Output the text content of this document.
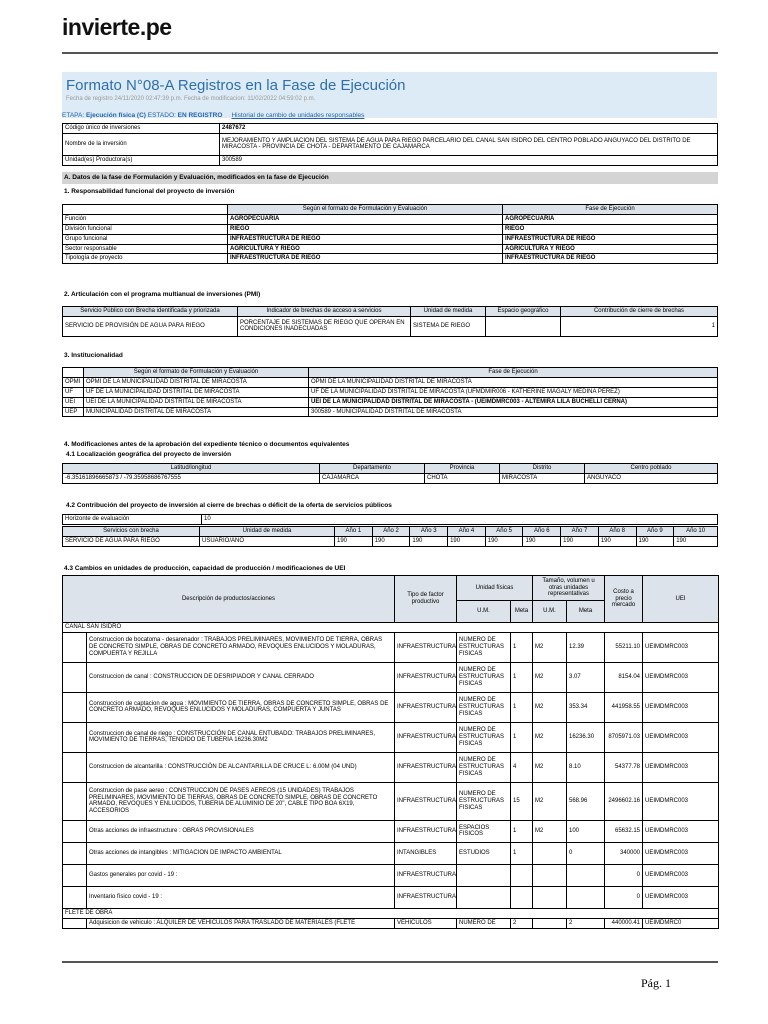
invierte.pe
Formato N°08-A Registros en la Fase de Ejecución
Fecha de registro 24/11/2020 02:47:39 p.m. Fecha de modificacion: 11/02/2022 04:59:02 p.m.
ETAPA: Ejecución física (C) ESTADO: EN REGISTRO Historial de cambio de unidades responsables
Código único de inversiones	2487672
Nombre de la inversión	MEJORAMIENTO Y AMPLIACION DEL SISTEMA DE AGUA PARA RIEGO PARCELARIO DEL CANAL SAN ISIDRO DEL CENTRO POBLADO ANGUYACO DEL DISTRITO DE MIRACOSTA - PROVINCIA DE CHOTA - DEPARTAMENTO DE CAJAMARCA
Unidad(es) Productora(s)	300589
A. Datos de la fase de Formulación y Evaluación, modificados en la fase de Ejecución
1. Responsabilidad funcional del proyecto de inversión
	Según el formato de Formulación y Evaluación	Fase de Ejecución
Función	AGROPECUARIA	AGROPECUARIA
División funcional	RIEGO	RIEGO
Grupo funcional	INFRAESTRUCTURA DE RIEGO	INFRAESTRUCTURA DE RIEGO
Sector responsable	AGRICULTURA Y RIEGO	AGRICULTURA Y RIEGO
Tipología de proyecto	INFRAESTRUCTURA DE RIEGO	INFRAESTRUCTURA DE RIEGO
2. Articulación con el programa multianual de inversiones (PMI)
Servicio Público con Brecha identificada y priorizada	Indicador de brechas de acceso a servicios	Unidad de medida	Espacio geográfico	Contribución de cierre de brechas
SERVICIO DE PROVISIÓN DE AGUA PARA RIEGO	PORCENTAJE DE SISTEMAS DE RIEGO QUE OPERAN EN CONDICIONES INADECUADAS	SISTEMA DE RIEGO		1
3. Institucionalidad
	Según el formato de Formulación y Evaluación	Fase de Ejecución
OPMI	OPMI DE LA MUNICIPALIDAD DISTRITAL DE MIRACOSTA	OPMI DE LA MUNICIPALIDAD DISTRITAL DE MIRACOSTA
UF	UF DE LA MUNICIPALIDAD DISTRITAL DE MIRACOSTA	UF DE LA MUNICIPALIDAD DISTRITAL DE MIRACOSTA (UFMDMIR006 - KATHERINE MAGALY MEDINA PEREZ)
UEI	UEI DE LA MUNICIPALIDAD DISTRITAL DE MIRACOSTA	UEI DE LA MUNICIPALIDAD DISTRITAL DE MIRACOSTA - (UEIMDMRC003 - ALTEMIRA LILA BUCHELLI CERNA)
UEP	MUNICIPALIDAD DISTRITAL DE MIRACOSTA	300589 - MUNICIPALIDAD DISTRITAL DE MIRACOSTA
4. Modificaciones antes de la aprobación del expediente técnico o documentos equivalentes
4.1 Localización geográfica del proyecto de inversión
Latitud/longitud	Departamento	Provincia	Distrito	Centro poblado
-6.35161896665873 / -79.35958686767555	CAJAMARCA	CHOTA	MIRACOSTA	ANGUYACO
4.2 Contribución del proyecto de inversión al cierre de brechas o déficit de la oferta de servicios públicos
Horizonte de evaluación	10
Servicios con brecha	Unidad de medida	Año 1	Año 2	Año 3	Año 4	Año 5	Año 6	Año 7	Año 8	Año 9	Año 10
SERVICIO DE AGUA PARA RIEGO	USUARIO/AÑO	190	190	190	190	190	190	190	190	190	190
4.3 Cambios en unidades de producción, capacidad de producción / modificaciones de UEI
Descripción de productos/acciones		Tipo de factor productivo	Unidad físicas		Tamaño, volumen u otras unidades representativas		Costo a precio mercado	UEI
			U.M.	Meta	U.M.	Meta		
CANAL SAN ISIDRO								
	Construccion de bocatoma - desarenador : TRABAJOS PRELIMINARES, MOVIMIENTO DE TIERRA, OBRAS DE CONCRETO SIMPLE, OBRAS DE CONCRETO ARMADO, REVOQUES ENLUCIDOS Y MOLADURAS, COMPUERTA Y REJILLA	INFRAESTRUCTURA	NUMERO DE ESTRUCTURAS FISICAS	1	M2	12.39	55211.10	UEIMDMRC003
	Construccion de canal : CONSTRUCCION DE DESRIPIADOR Y CANAL CERRADO	INFRAESTRUCTURA	NUMERO DE ESTRUCTURAS FISICAS	1	M2	3.07	8154.04	UEIMDMRC003
	Construccion de captacion de agua : MOVIMIENTO DE TIERRA, OBRAS DE CONCRETO SIMPLE, OBRAS DE CONCRETO ARMADO, REVOQUES ENLUCIDOS Y MOLADURAS, COMPUERTA Y JUNTAS	INFRAESTRUCTURA	NUMERO DE ESTRUCTURAS FISICAS	1	M2	353.34	441958.55	UEIMDMRC003
	Construccion de canal de riego : CONSTRUCCIÓN DE CANAL ENTUBADO: TRABAJOS PRELIMINARES, MOVIMIENTO DE TIERRAS, TENDIDO DE TUBERIA 16236.30M2	INFRAESTRUCTURA	NUMERO DE ESTRUCTURAS FISICAS	1	M2	16236.30	8705971.03	UEIMDMRC003
	Construccion de alcantarilla : CONSTRUCCIÓN DE ALCANTARILLA DE CRUCE L: 6.00M (04 UND)	INFRAESTRUCTURA	NUMERO DE ESTRUCTURAS FISICAS	4	M2	8.10	54377.78	UEIMDMRC003
	Construccion de pase aereo : CONSTRUCCION DE PASES AEREOS (15 UNIDADES) TRABAJOS PRELIMINARES, MOVIMIENTO DE TIERRAS, OBRAS DE CONCRETO SIMPLE, OBRAS DE CONCRETO ARMADO, REVOQUES Y ENLUCIDOS, TUBERIA DE ALUMINIO DE 20", CABLE TIPO BOA 6X19, ACCESORIOS	INFRAESTRUCTURA	NUMERO DE ESTRUCTURAS FISICAS	15	M2	568.96	2496602.16	UEIMDMRC003
	Otras acciones de infraestructure : OBRAS PROVISIONALES	INFRAESTRUCTURA	ESPACIOS FISICOS	1	M2	100	65632.15	UEIMDMRC003
	Otras acciones de intangibles : MITIGACION DE IMPACTO AMBIENTAL	INTANGIBLES	ESTUDIOS	1		0	340000	UEIMDMRC003
	Gastos generales por covid - 19 :	INFRAESTRUCTURA					0	UEIMDMRC003
	Inventario físico covid - 19 :	INFRAESTRUCTURA					0	UEIMDMRC003
FLETE DE OBRA								
	Adquisicion de vehiculo : ALQUILER DE VEHICULOS PARA TRASLADO DE MATERIALES (FLETE	VEHICULOS	NUMERO DE	2		2	440000.41	UEIMDMRC0
Pág. 1
